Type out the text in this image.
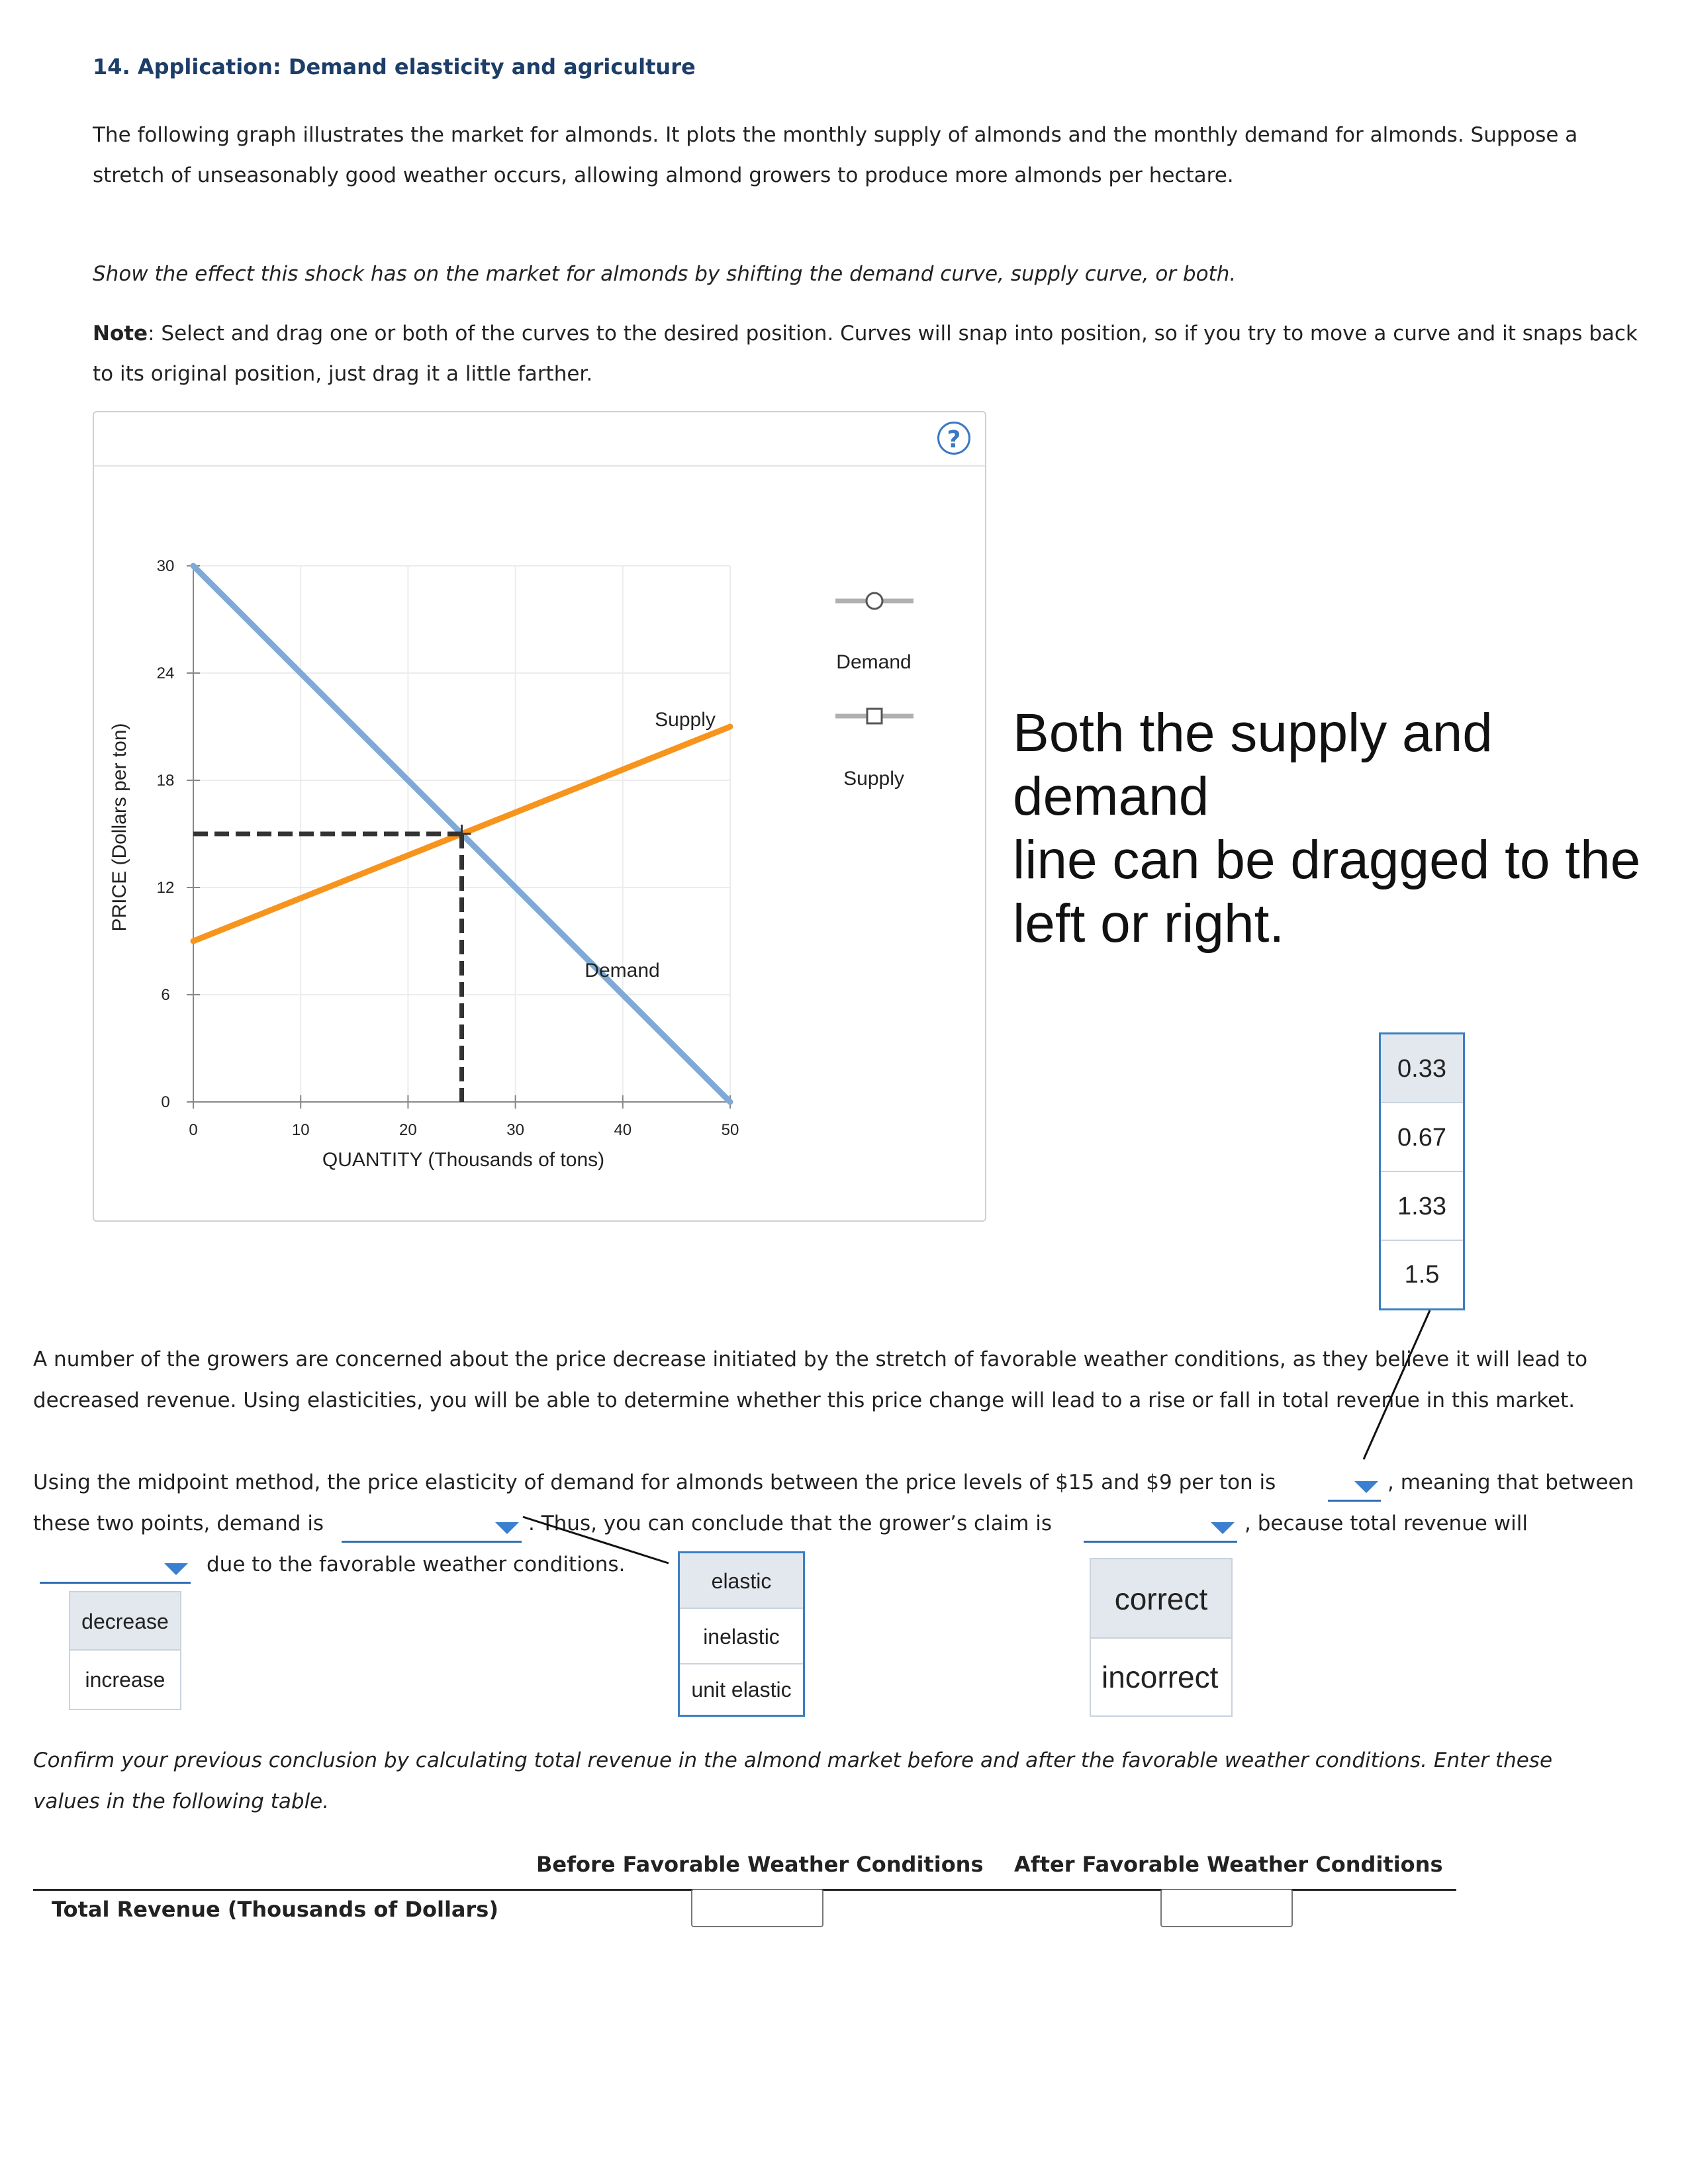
14. Application: Demand elasticity and agriculture
The following graph illustrates the market for almonds. It plots the monthly supply of almonds and the monthly demand for almonds. Suppose a
stretch of unseasonably good weather occurs, allowing almond growers to produce more almonds per hectare.
Show the effect this shock has on the market for almonds by shifting the demand curve, supply curve, or both.
Note: Select and drag one or both of the curves to the desired position. Curves will snap into position, so if you try to move a curve and it snaps back
to its original position, just drag it a little farther.
?
0	10	20	30	40	50
0
6
12
18
24
30
QUANTITY (Thousands of tons)
PRICE (Dollars per ton)
Supply
Demand
Demand
Supply
Both the supply and demand
line can be dragged to the
left or right.
0.33
0.67
1.33
1.5
A number of the growers are concerned about the price decrease initiated by the stretch of favorable weather conditions, as they believe it will lead to
decreased revenue. Using elasticities, you will be able to determine whether this price change will lead to a rise or fall in total revenue in this market.
Using the midpoint method, the price elasticity of demand for almonds between the price levels of $15 and $9 per ton is	, meaning that between
these two points, demand is	. Thus, you can conclude that the grower’s claim is	, because total revenue will
due to the favorable weather conditions.
decrease
increase
elastic
inelastic
unit elastic
correct
incorrect
Confirm your previous conclusion by calculating total revenue in the almond market before and after the favorable weather conditions. Enter these
values in the following table.
Before Favorable Weather Conditions After Favorable Weather Conditions
Total Revenue (Thousands of Dollars)
